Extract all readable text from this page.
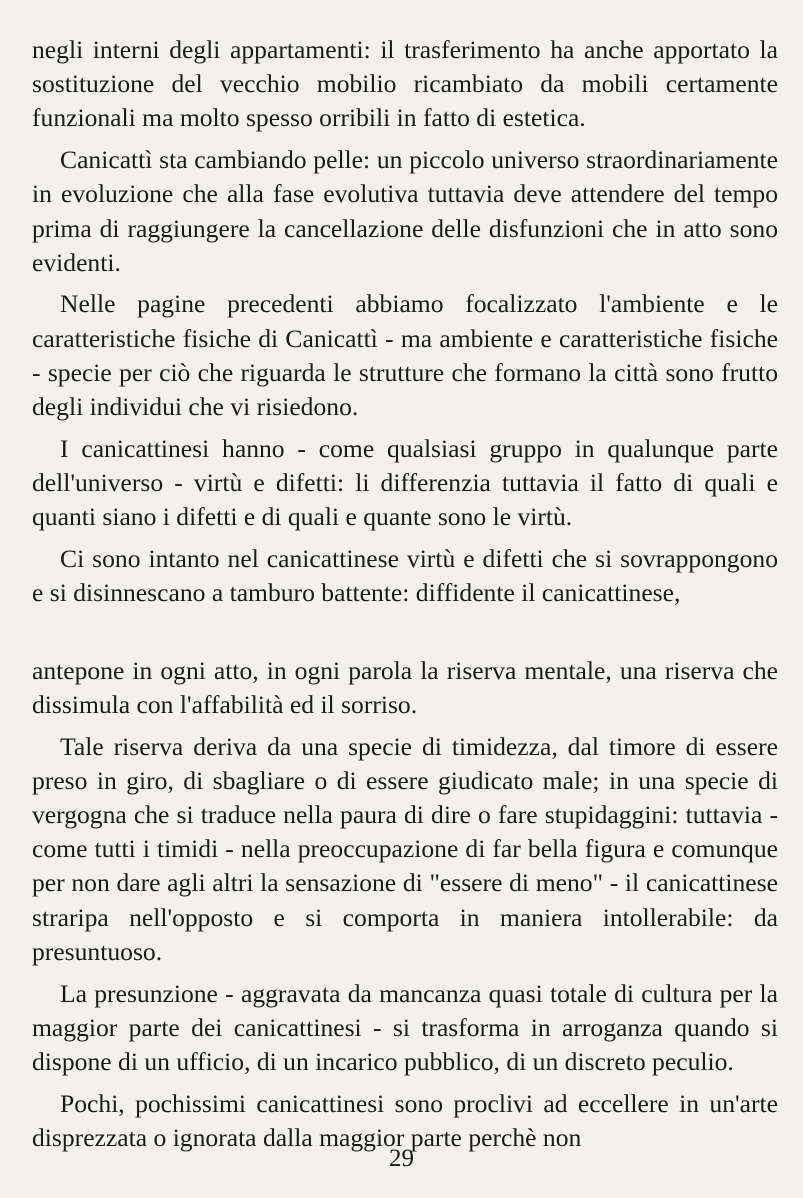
negli interni degli appartamenti: il trasferimento ha anche apportato la sostituzione del vecchio mobilio ricambiato da mobili certamente funzionali ma molto spesso orribili in fatto di estetica.

Canicattì sta cambiando pelle: un piccolo universo straordinariamente in evoluzione che alla fase evolutiva tuttavia deve attendere del tempo prima di raggiungere la cancellazione delle disfunzioni che in atto sono evidenti.

Nelle pagine precedenti abbiamo focalizzato l'ambiente e le caratteristiche fisiche di Canicattì - ma ambiente e caratteristiche fisiche - specie per ciò che riguarda le strutture che formano la città sono frutto degli individui che vi risiedono.

I canicattinesi hanno - come qualsiasi gruppo in qualunque parte dell'universo - virtù e difetti: li differenzia tuttavia il fatto di quali e quanti siano i difetti e di quali e quante sono le virtù.

Ci sono intanto nel canicattinese virtù e difetti che si sovrappongono e si disinnescano a tamburo battente: diffidente il canicattinese,

antepone in ogni atto, in ogni parola la riserva mentale, una riserva che dissimula con l'affabilità ed il sorriso.

Tale riserva deriva da una specie di timidezza, dal timore di essere preso in giro, di sbagliare o di essere giudicato male; in una specie di vergogna che si traduce nella paura di dire o fare stupidaggini: tuttavia - come tutti i timidi - nella preoccupazione di far bella figura e comunque per non dare agli altri la sensazione di "essere di meno" - il canicattinese straripa nell'opposto e si comporta in maniera intollerabile: da presuntuoso.

La presunzione - aggravata da mancanza quasi totale di cultura per la maggior parte dei canicattinesi - si trasforma in arroganza quando si dispone di un ufficio, di un incarico pubblico, di un discreto peculio.

Pochi, pochissimi canicattinesi sono proclivi ad eccellere in un'arte disprezzata o ignorata dalla maggior parte perchè non

29
